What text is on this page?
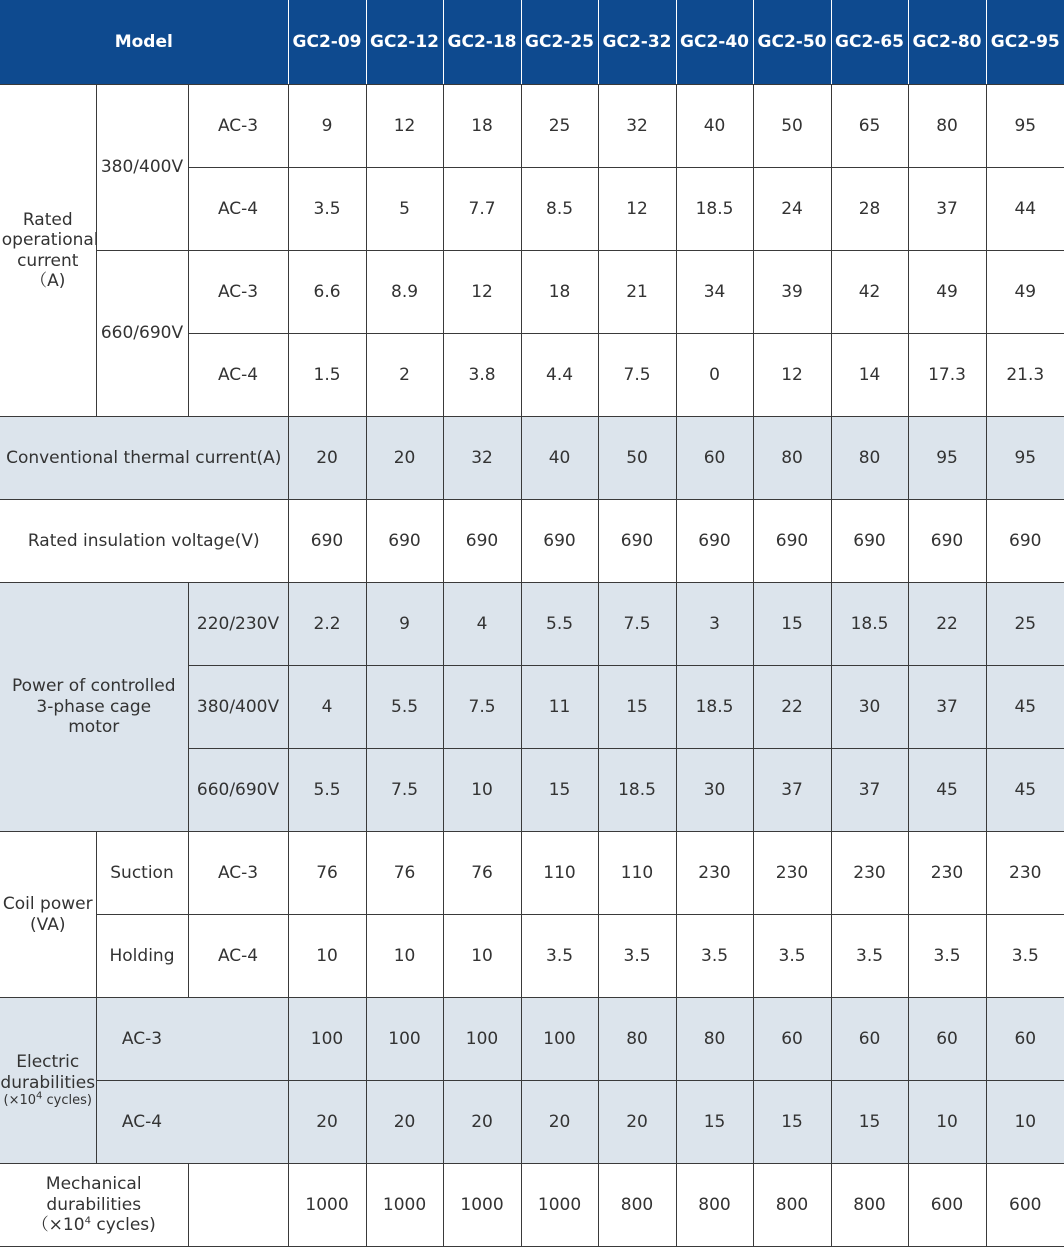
Model			GC2-09	GC2-12	GC2-18	GC2-25	GC2-32	GC2-40	GC2-50	GC2-65	GC2-80	GC2-95

Rated operational current（A)	380/400V	AC-3	9	12	18	25	32	40	50	65	80	95
		AC-4	3.5	5	7.7	8.5	12	18.5	24	28	37	44
	660/690V	AC-3	6.6	8.9	12	18	21	34	39	42	49	49
		AC-4	1.5	2	3.8	4.4	7.5	0	12	14	17.3	21.3
Conventional thermal current(A)			20	20	32	40	50	60	80	80	95	95
Rated insulation voltage(V)			690	690	690	690	690	690	690	690	690	690

Power of controlled 3-phase cage motor		220/230V	2.2	9	4	5.5	7.5	3	15	18.5	22	25
		380/400V	4	5.5	7.5	11	15	18.5	22	30	37	45
		660/690V	5.5	7.5	10	15	18.5	30	37	37	45	45

Coil power
(VA)	Suction	AC-3	76	76	76	110	110	230	230	230	230	230
	Holding	AC-4	10	10	10	3.5	3.5	3.5	3.5	3.5	3.5	3.5

Electric
durabilities
($\times 10^4$ cycles)	AC-3		100	100	100	100	80	80	60	60	60	60
	AC-4		20	20	20	20	20	15	15	15	10	10

Mechanical durabilities
（$\times 10^4$ cycles)			1000	1000	1000	1000	800	800	800	800	600	600
